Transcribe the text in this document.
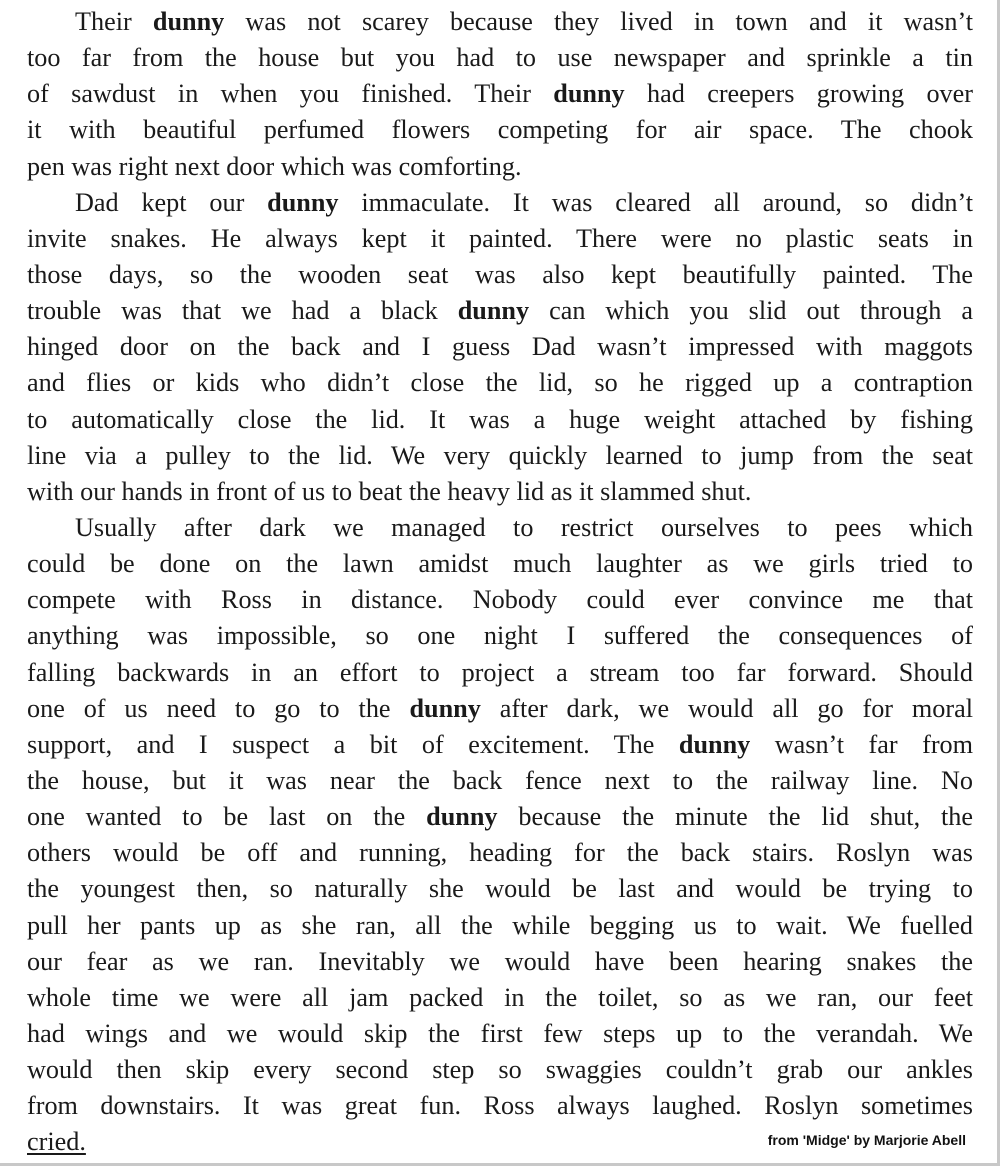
Their dunny was not scarey because they lived in town and it wasn’t
too far from the house but you had to use newspaper and sprinkle a tin
of sawdust in when you finished. Their dunny had creepers growing over
it with beautiful perfumed flowers competing for air space. The chook
pen was right next door which was comforting.
Dad kept our dunny immaculate. It was cleared all around, so didn’t
invite snakes. He always kept it painted. There were no plastic seats in
those days, so the wooden seat was also kept beautifully painted. The
trouble was that we had a black dunny can which you slid out through a
hinged door on the back and I guess Dad wasn’t impressed with maggots
and flies or kids who didn’t close the lid, so he rigged up a contraption
to automatically close the lid. It was a huge weight attached by fishing
line via a pulley to the lid. We very quickly learned to jump from the seat
with our hands in front of us to beat the heavy lid as it slammed shut.
Usually after dark we managed to restrict ourselves to pees which
could be done on the lawn amidst much laughter as we girls tried to
compete with Ross in distance. Nobody could ever convince me that
anything was impossible, so one night I suffered the consequences of
falling backwards in an effort to project a stream too far forward. Should
one of us need to go to the dunny after dark, we would all go for moral
support, and I suspect a bit of excitement. The dunny wasn’t far from
the house, but it was near the back fence next to the railway line. No
one wanted to be last on the dunny because the minute the lid shut, the
others would be off and running, heading for the back stairs. Roslyn was
the youngest then, so naturally she would be last and would be trying to
pull her pants up as she ran, all the while begging us to wait. We fuelled
our fear as we ran. Inevitably we would have been hearing snakes the
whole time we were all jam packed in the toilet, so as we ran, our feet
had wings and we would skip the first few steps up to the verandah. We
would then skip every second step so swaggies couldn’t grab our ankles
from downstairs. It was great fun. Ross always laughed. Roslyn sometimes
cried.	from 'Midge' by Marjorie Abell
